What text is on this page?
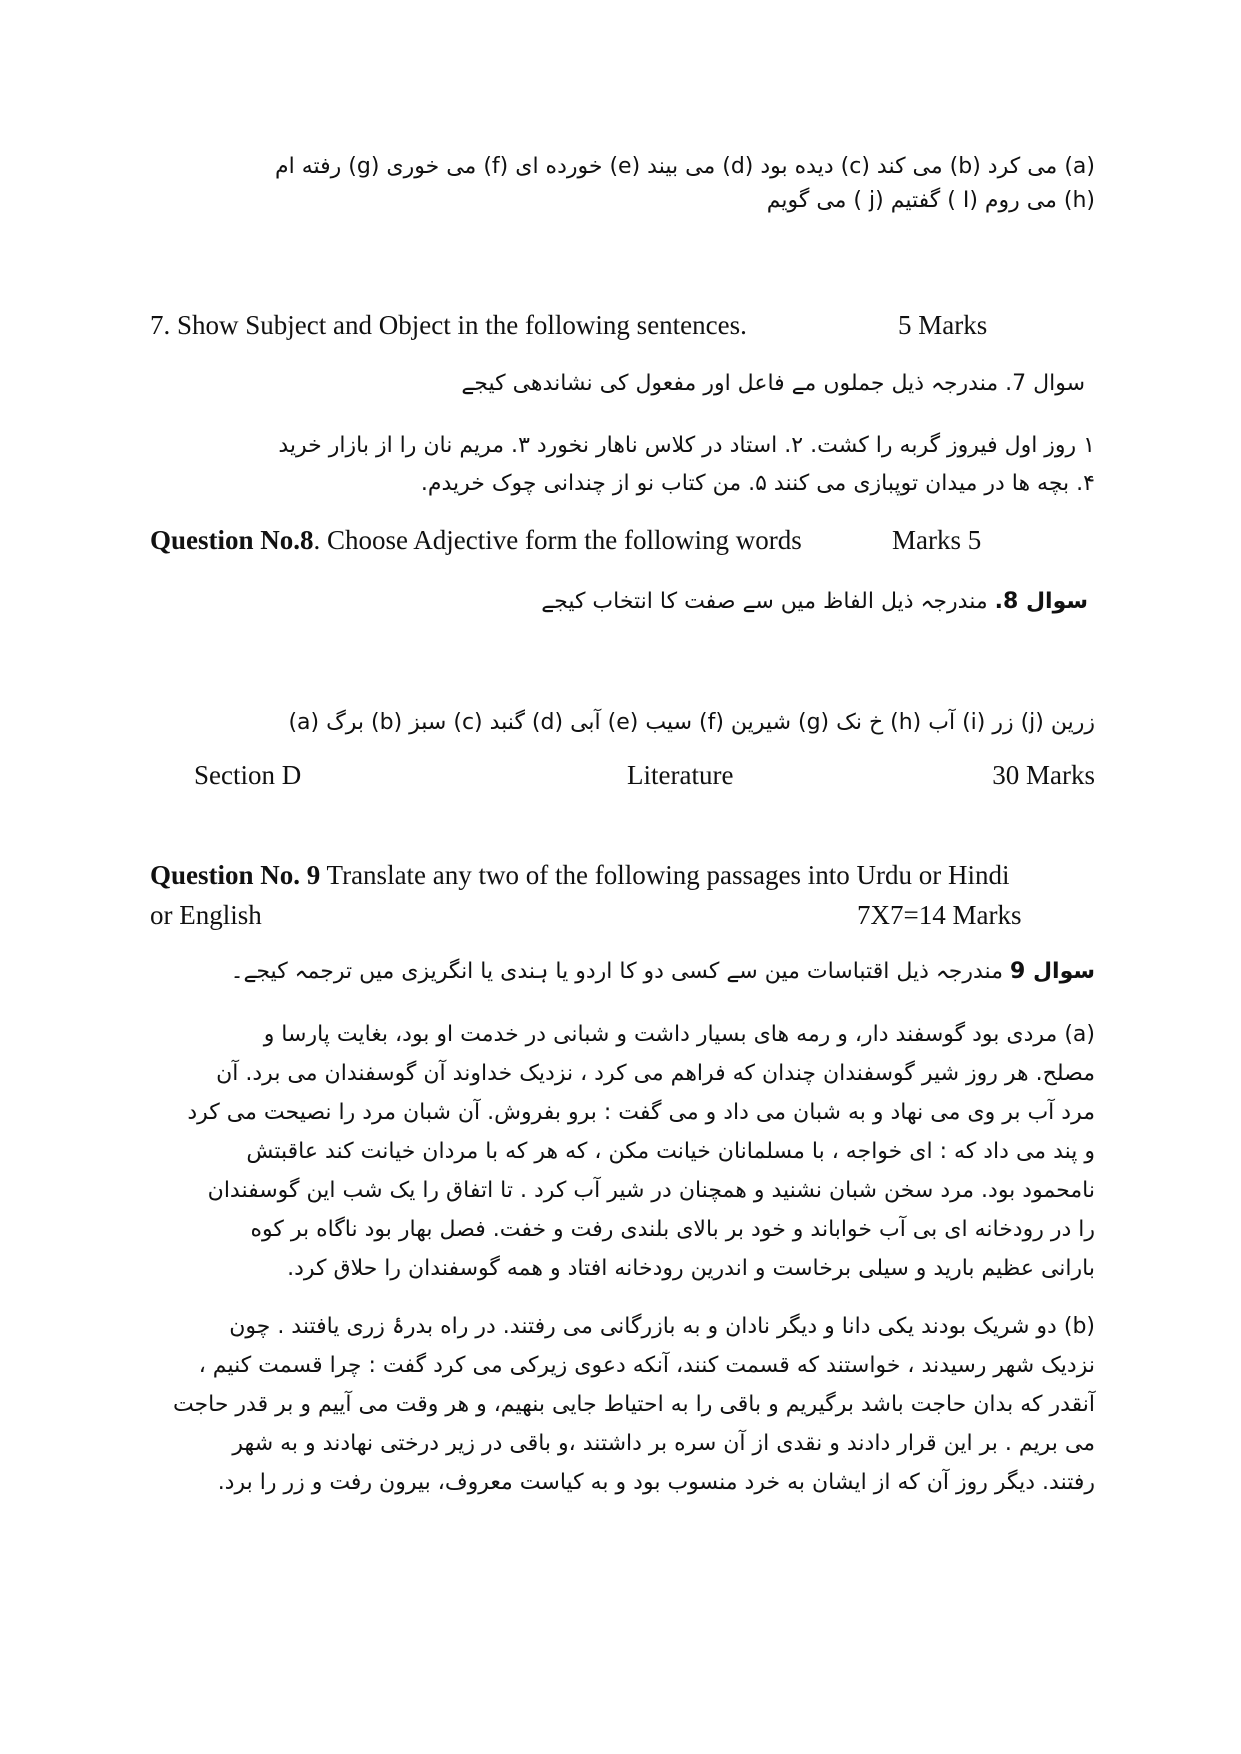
(a) می کرد (b) می کند (c) دیده بود (d) می بیند (e) خورده ای (f) می خوری (g) رفته ام
(h) می روم (I ) گفتیم (j ) می گویم
7. Show Subject and Object in the following sentences.	5 Marks
سوال 7. مندرجہ ذیل جملوں مے فاعل اور مفعول کی نشاندھی کیجے
۱ روز اول فیروز گربه را کشت. ۲. استاد در کلاس ناهار نخورد ۳. مریم نان را از بازار خرید
۴. بچه ها در میدان توپبازی می کنند ۵. من کتاب نو از چندانی چوک خریدم.
Question No.8. Choose Adjective form the following words	Marks 5
سوال 8. مندرجہ ذیل الفاظ میں سے صفت کا انتخاب کیجے
(a) برگ (b) سبز (c) گنبد (d) آبی (e) سیب (f) شیرین (g) خ نک (h) آب (i) زر (j) زرین
Section D	Literature	30 Marks
Question No. 9 Translate any two of the following passages into Urdu or Hindi
or English	7X7=14 Marks
سوال 9 مندرجہ ذیل اقتباسات مین سے کسی دو کا اردو یا ہندی یا انگریزی میں ترجمہ کیجے۔
(a) مردی بود گوسفند دار، و رمه های بسیار داشت و شبانی در خدمت او بود، بغایت پارسا و
مصلح. هر روز شیر گوسفندان چندان که فراهم می کرد ، نزدیک خداوند آن گوسفندان می برد. آن
مرد آب بر وی می نهاد و به شبان می داد و می گفت : برو بفروش. آن شبان مرد را نصیحت می کرد
و پند می داد که : ای خواجه ، با مسلمانان خیانت مکن ، که هر که با مردان خیانت کند عاقبتش
نامحمود بود. مرد سخن شبان نشنید و همچنان در شیر آب کرد . تا اتفاق را یک شب این گوسفندان
را در رودخانه ای بی آب خواباند و خود بر بالای بلندی رفت و خفت. فصل بهار بود ناگاه بر کوه
بارانی عظیم بارید و سیلی برخاست و اندرین رودخانه افتاد و همه گوسفندان را حلاق کرد.
(b) دو شریک بودند یکی دانا و دیگر نادان و به بازرگانی می رفتند. در راه بدرۂ زری یافتند . چون
نزدیک شهر رسیدند ، خواستند که قسمت کنند، آنکه دعوی زیرکی می کرد گفت : چرا قسمت کنیم ،
آنقدر که بدان حاجت باشد برگیریم و باقی را به احتیاط جایی بنهیم، و هر وقت می آییم و بر قدر حاجت
می بریم . بر این قرار دادند و نقدی از آن سره بر داشتند ،و باقی در زیر درختی نهادند و به شهر
رفتند. دیگر روز آن که از ایشان به خرد منسوب بود و به کیاست معروف، بیرون رفت و زر را برد.
